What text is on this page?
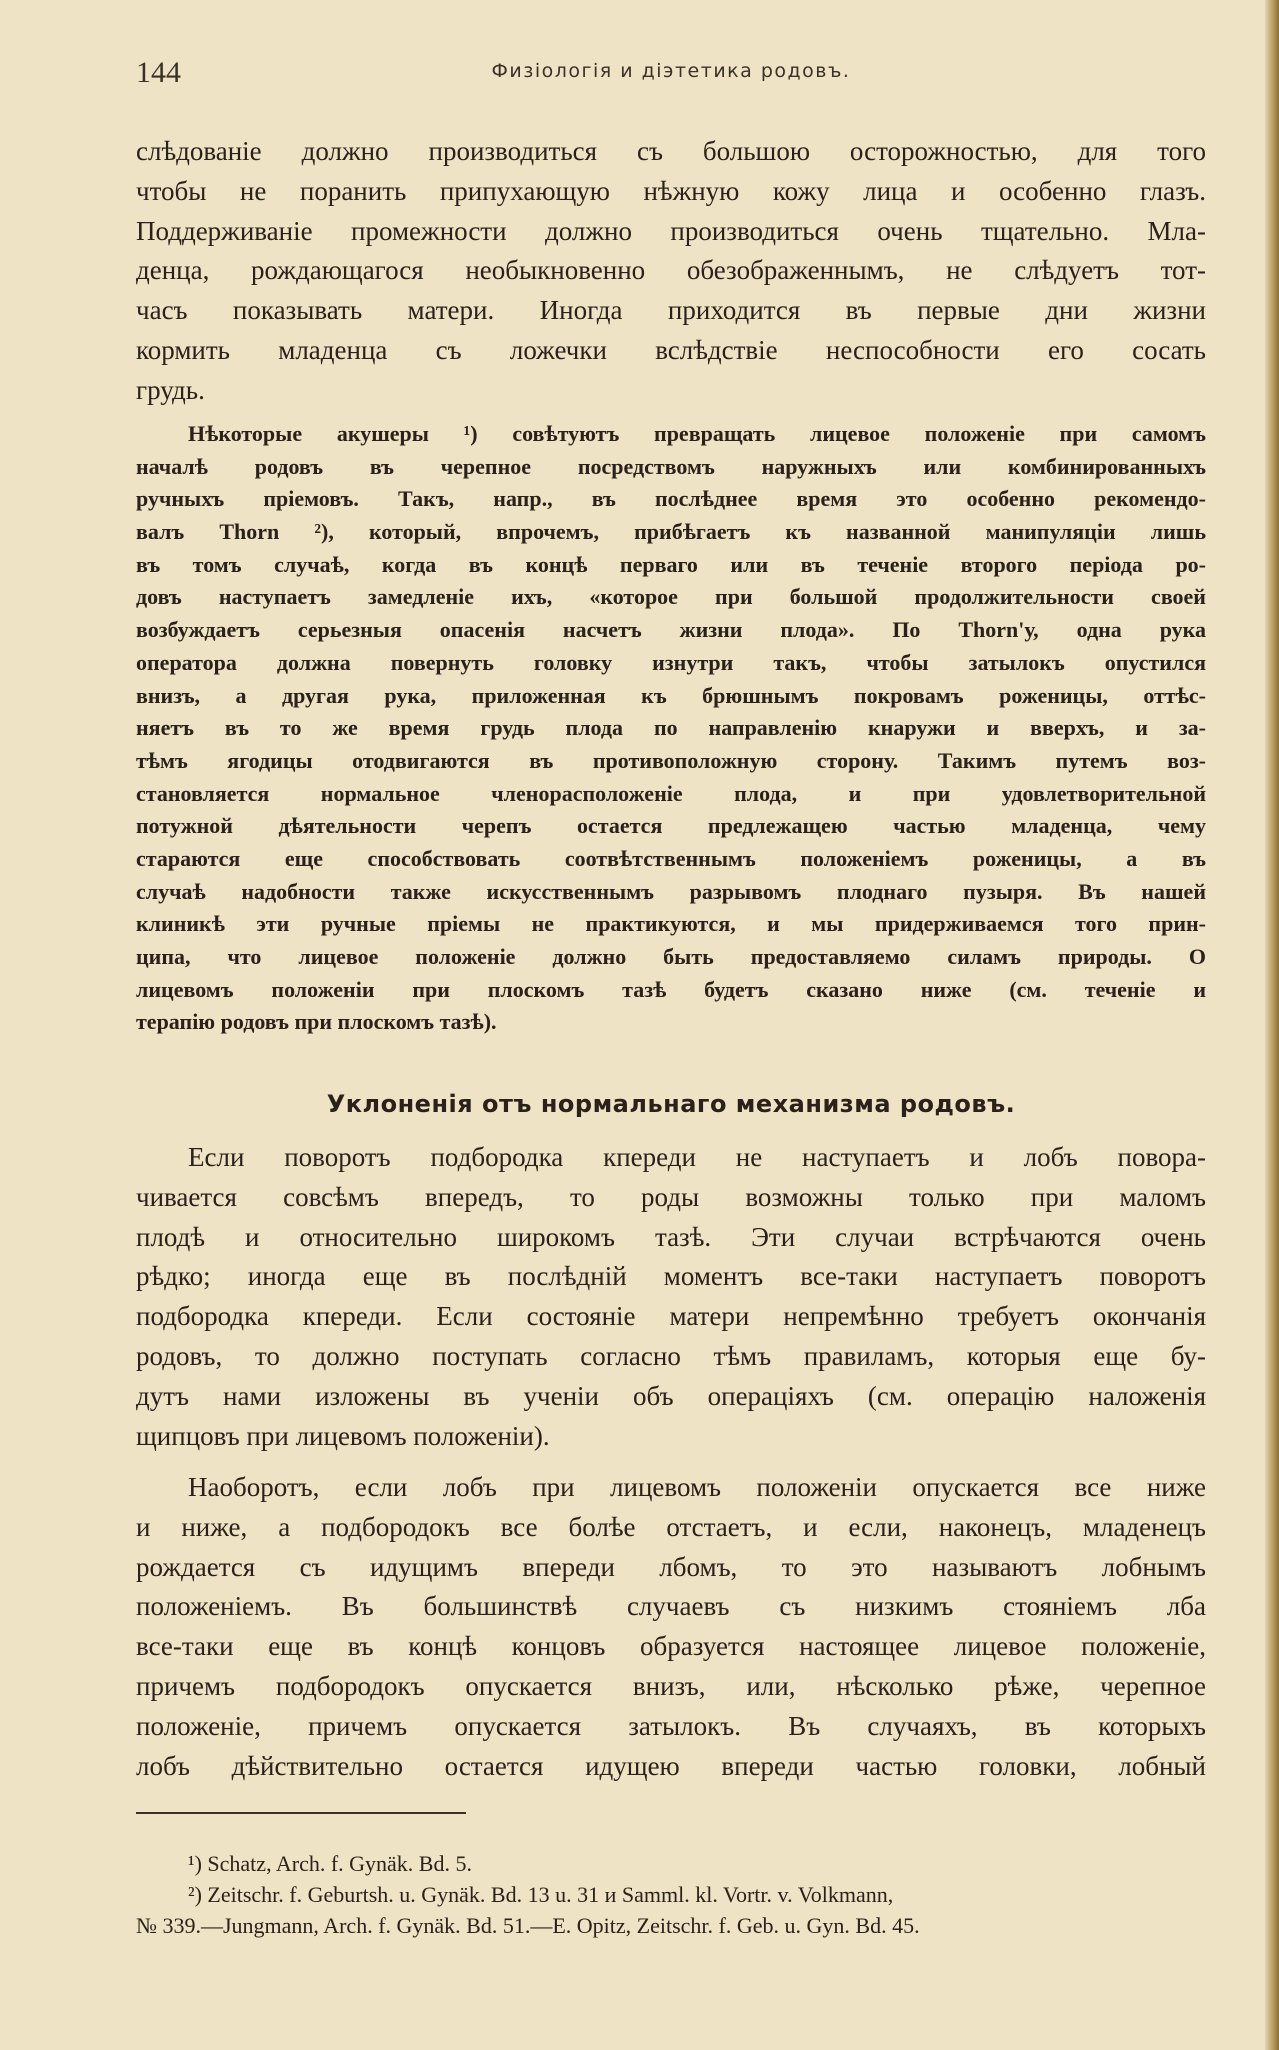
144	Физіологія и діэтетика родовъ.
слѣдованіе должно производиться съ большою осторожностью, для того
чтобы не поранить припухающую нѣжную кожу лица и особенно глазъ.
Поддерживаніе промежности должно производиться очень тщательно. Мла-
денца, рождающагося необыкновенно обезображеннымъ, не слѣдуетъ тот-
часъ показывать матери. Иногда приходится въ первые дни жизни
кормить младенца съ ложечки вслѣдствіе неспособности его сосать
грудь.
Нѣкоторые акушеры ¹) совѣтуютъ превращать лицевое положеніе при самомъ
началѣ родовъ въ черепное посредствомъ наружныхъ или комбинированныхъ
ручныхъ пріемовъ. Такъ, напр., въ послѣднее время это особенно рекомендо-
валъ Thorn ²), который, впрочемъ, прибѣгаетъ къ названной манипуляціи лишь
въ томъ случаѣ, когда въ концѣ перваго или въ теченіе второго періода ро-
довъ наступаетъ замедленіе ихъ, «которое при большой продолжительности своей
возбуждаетъ серьезныя опасенія насчетъ жизни плода». По Thorn'у, одна рука
оператора должна повернуть головку изнутри такъ, чтобы затылокъ опустился
внизъ, а другая рука, приложенная къ брюшнымъ покровамъ роженицы, оттѣс-
няетъ въ то же время грудь плода по направленію кнаружи и вверхъ, и за-
тѣмъ ягодицы отодвигаются въ противоположную сторону. Такимъ путемъ воз-
становляется нормальное членорасположеніе плода, и при удовлетворительной
потужной дѣятельности черепъ остается предлежащею частью младенца, чему
стараются еще способствовать соотвѣтственнымъ положеніемъ роженицы, а въ
случаѣ надобности также искусственнымъ разрывомъ плоднаго пузыря. Въ нашей
клиникѣ эти ручные пріемы не практикуются, и мы придерживаемся того прин-
ципа, что лицевое положеніе должно быть предоставляемо силамъ природы. О
лицевомъ положеніи при плоскомъ тазѣ будетъ сказано ниже (см. теченіе и
терапію родовъ при плоскомъ тазѣ).
Уклоненія отъ нормальнаго механизма родовъ.
Если поворотъ подбородка кпереди не наступаетъ и лобъ повора-
чивается совсѣмъ впередъ, то роды возможны только при маломъ
плодѣ и относительно широкомъ тазѣ. Эти случаи встрѣчаются очень
рѣдко; иногда еще въ послѣдній моментъ все-таки наступаетъ поворотъ
подбородка кпереди. Если состояніе матери непремѣнно требуетъ окончанія
родовъ, то должно поступать согласно тѣмъ правиламъ, которыя еще бу-
дутъ нами изложены въ ученіи объ операціяхъ (см. операцію наложенія
щипцовъ при лицевомъ положеніи).
Наоборотъ, если лобъ при лицевомъ положеніи опускается все ниже
и ниже, а подбородокъ все болѣе отстаетъ, и если, наконецъ, младенецъ
рождается съ идущимъ впереди лбомъ, то это называютъ лобнымъ
положеніемъ. Въ большинствѣ случаевъ съ низкимъ стояніемъ лба
все-таки еще въ концѣ концовъ образуется настоящее лицевое положеніе,
причемъ подбородокъ опускается внизъ, или, нѣсколько рѣже, черепное
положеніе, причемъ опускается затылокъ. Въ случаяхъ, въ которыхъ
лобъ дѣйствительно остается идущею впереди частью головки, лобный
¹) Schatz, Arch. f. Gynäk. Bd. 5.
²) Zeitschr. f. Geburtsh. u. Gynäk. Bd. 13 u. 31 и Samml. kl. Vortr. v. Volkmann,
№ 339.—Jungmann, Arch. f. Gynäk. Bd. 51.—E. Opitz, Zeitschr. f. Geb. u. Gyn. Bd. 45.
